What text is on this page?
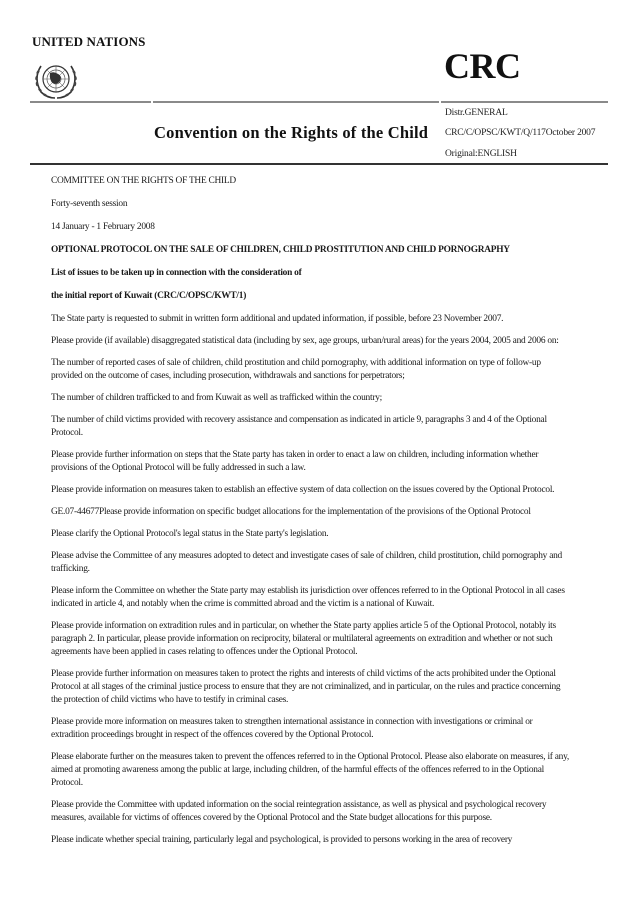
UNITED NATIONS
CRC
Convention on the Rights of the Child
Distr.GENERAL
CRC/C/OPSC/KWT/Q/117October 2007
Original:ENGLISH

COMMITTEE ON THE RIGHTS OF THE CHILD

Forty-seventh session

14 January - 1 February 2008

OPTIONAL PROTOCOL ON THE SALE OF CHILDREN, CHILD PROSTITUTION AND CHILD PORNOGRAPHY

List of issues to be taken up in connection with the consideration of

the initial report of Kuwait (CRC/C/OPSC/KWT/1)

The State party is requested to submit in written form additional and updated information, if possible, before 23 November 2007.

Please provide (if available) disaggregated statistical data (including by sex, age groups, urban/rural areas) for the years 2004, 2005 and 2006 on:

The number of reported cases of sale of children, child prostitution and child pornography, with additional information on type of follow-up provided on the outcome of cases, including prosecution, withdrawals and sanctions for perpetrators;

The number of children trafficked to and from Kuwait as well as trafficked within the country;

The number of child victims provided with recovery assistance and compensation as indicated in article 9, paragraphs 3 and 4 of the Optional Protocol.

Please provide further information on steps that the State party has taken in order to enact a law on children, including information whether provisions of the Optional Protocol will be fully addressed in such a law.

Please provide information on measures taken to establish an effective system of data collection on the issues covered by the Optional Protocol.

GE.07-44677Please provide information on specific budget allocations for the implementation of the provisions of the Optional Protocol

Please clarify the Optional Protocol's legal status in the State party's legislation.

Please advise the Committee of any measures adopted to detect and investigate cases of sale of children, child prostitution, child pornography and trafficking.

Please inform the Committee on whether the State party may establish its jurisdiction over offences referred to in the Optional Protocol in all cases indicated in article 4, and notably when the crime is committed abroad and the victim is a national of Kuwait.

Please provide information on extradition rules and in particular, on whether the State party applies article 5 of the Optional Protocol, notably its paragraph 2. In particular, please provide information on reciprocity, bilateral or multilateral agreements on extradition and whether or not such agreements have been applied in cases relating to offences under the Optional Protocol.

Please provide further information on measures taken to protect the rights and interests of child victims of the acts prohibited under the Optional Protocol at all stages of the criminal justice process to ensure that they are not criminalized, and in particular, on the rules and practice concerning the protection of child victims who have to testify in criminal cases.

Please provide more information on measures taken to strengthen international assistance in connection with investigations or criminal or extradition proceedings brought in respect of the offences covered by the Optional Protocol.

Please elaborate further on the measures taken to prevent the offences referred to in the Optional Protocol. Please also elaborate on measures, if any, aimed at promoting awareness among the public at large, including children, of the harmful effects of the offences referred to in the Optional Protocol.

Please provide the Committee with updated information on the social reintegration assistance, as well as physical and psychological recovery measures, available for victims of offences covered by the Optional Protocol and the State budget allocations for this purpose.

Please indicate whether special training, particularly legal and psychological, is provided to persons working in the area of recovery
